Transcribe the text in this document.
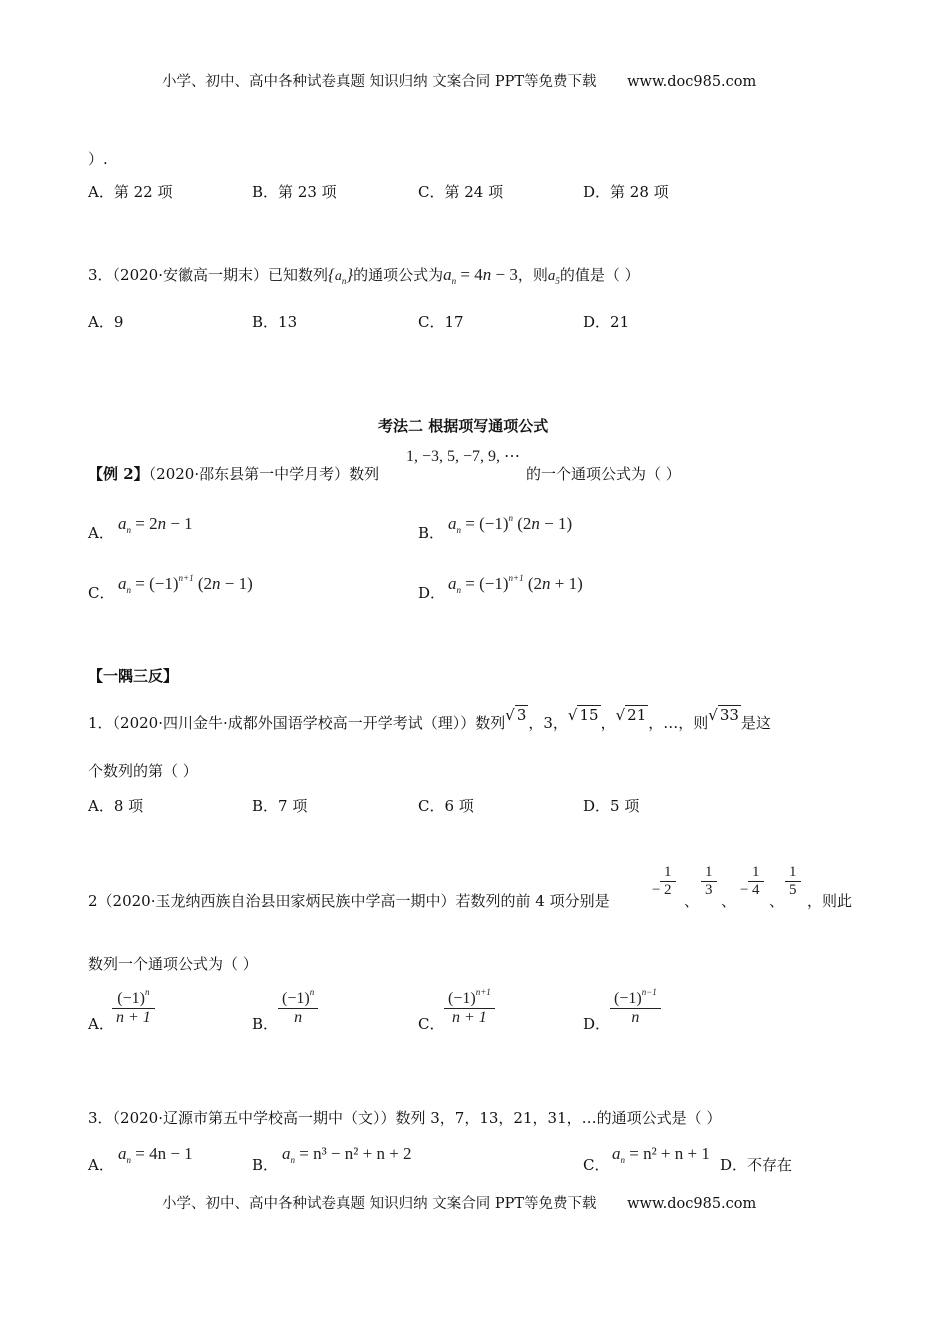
小学、初中、高中各种试卷真题 知识归纳 文案合同 PPT等免费下载 www.doc985.com
）.
A．第 22 项	B．第 23 项	C．第 24 项	D．第 28 项
3．（2020·安徽高一期末）已知数列$\{a_n\}$的通项公式为$a_n = 4n - 3$，则$a_5$的值是（ ）
A．9	B．13	C．17	D．21
考法二 根据项写通项公式
【例 2】（2020·邵东县第一中学月考）数列
1, −3, 5, −7, 9, ⋯
的一个通项公式为（ ）
A． $a_n = 2n - 1$	B． $a_n = (-1)^n$ (2n − 1)
C． $a_n = (-1)^{n+1}$ (2n − 1)	D． $a_n = (-1)^{n+1}$ (2n + 1)
【一隅三反】
1．（2020·四川金牛·成都外国语学校高一开学考试（理））数列√ 3 ，3，√ 15 ，√ 21 ，…，则√ 33 是这
个数列的第（ ）
A．8 项	B．7 项	C．6 项	D．5 项
2（2020·玉龙纳西族自治县田家炳民族中学高一期中）若数列的前 4 项分别是
− $\frac{1}{2}$
、
$\frac{1}{3}$
、
− $\frac{1}{4}$
、
$\frac{1}{5}$
，则此
数列一个通项公式为（ ）
A．
$\frac{(-1)^n}{n + 1}$	B． $\frac{(-1)^n}{n}$	C． $\frac{(-1)^{n+1}}{n + 1}$	D． $\frac{(-1)^{n-1}}{n}$
3．（2020·辽源市第五中学校高一期中（文））数列 3，7，13，21，31，…的通项公式是（ ）
A．
$a_n = 4n - 1$
B．
$a_n = n^3 - n^2 + n + 2$
C．
$a_n = n^2 + n + 1$
D．不存在
小学、初中、高中各种试卷真题 知识归纳 文案合同 PPT等免费下载 www.doc985.com
